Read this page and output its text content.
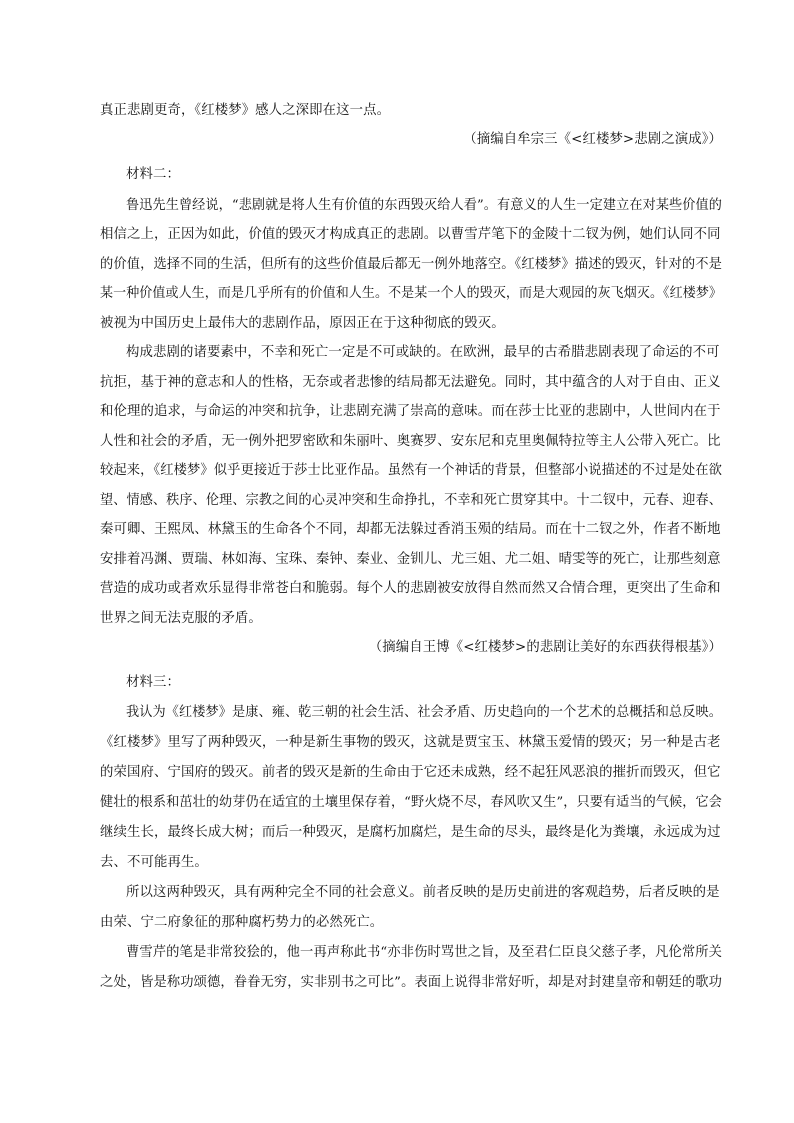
真正悲剧更奇，《红楼梦》感人之深即在这一点。
（摘编自牟宗三《<红楼梦>悲剧之演成》）
材料二：
鲁迅先生曾经说，“悲剧就是将人生有价值的东西毁灭给人看”。有意义的人生一定建立在对某些价值的
相信之上，正因为如此，价值的毁灭才构成真正的悲剧。以曹雪芹笔下的金陵十二钗为例，她们认同不同
的价值，选择不同的生活，但所有的这些价值最后都无一例外地落空。《红楼梦》描述的毁灭，针对的不是
某一种价值或人生，而是几乎所有的价值和人生。不是某一个人的毁灭，而是大观园的灰飞烟灭。《红楼梦》
被视为中国历史上最伟大的悲剧作品，原因正在于这种彻底的毁灭。
构成悲剧的诸要素中，不幸和死亡一定是不可或缺的。在欧洲，最早的古希腊悲剧表现了命运的不可
抗拒，基于神的意志和人的性格，无奈或者悲惨的结局都无法避免。同时，其中蕴含的人对于自由、正义
和伦理的追求，与命运的冲突和抗争，让悲剧充满了崇高的意味。而在莎士比亚的悲剧中，人世间内在于
人性和社会的矛盾，无一例外把罗密欧和朱丽叶、奥赛罗、安东尼和克里奥佩特拉等主人公带入死亡。比
较起来，《红楼梦》似乎更接近于莎士比亚作品。虽然有一个神话的背景，但整部小说描述的不过是处在欲
望、情感、秩序、伦理、宗教之间的心灵冲突和生命挣扎，不幸和死亡贯穿其中。十二钗中，元春、迎春、
秦可卿、王熙凤、林黛玉的生命各个不同，却都无法躲过香消玉殒的结局。而在十二钗之外，作者不断地
安排着冯渊、贾瑞、林如海、宝珠、秦钟、秦业、金钏儿、尤三姐、尤二姐、晴雯等的死亡，让那些刻意
营造的成功或者欢乐显得非常苍白和脆弱。每个人的悲剧被安放得自然而然又合情合理，更突出了生命和
世界之间无法克服的矛盾。
（摘编自王博《<红楼梦>的悲剧让美好的东西获得根基》）
材料三：
我认为《红楼梦》是康、雍、乾三朝的社会生活、社会矛盾、历史趋向的一个艺术的总概括和总反映。
《红楼梦》里写了两种毁灭，一种是新生事物的毁灭，这就是贾宝玉、林黛玉爱情的毁灭；另一种是古老
的荣国府、宁国府的毁灭。前者的毁灭是新的生命由于它还未成熟，经不起狂风恶浪的摧折而毁灭，但它
健壮的根系和茁壮的幼芽仍在适宜的土壤里保存着，“野火烧不尽，春风吹又生”，只要有适当的气候，它会
继续生长，最终长成大树；而后一种毁灭，是腐朽加腐烂，是生命的尽头，最终是化为粪壤，永远成为过
去、不可能再生。
所以这两种毁灭，具有两种完全不同的社会意义。前者反映的是历史前进的客观趋势，后者反映的是
由荣、宁二府象征的那种腐朽势力的必然死亡。
曹雪芹的笔是非常狡狯的，他一再声称此书“亦非伤时骂世之旨，及至君仁臣良父慈子孝，凡伦常所关
之处，皆是称功颂德，眷眷无穷，实非别书之可比”。表面上说得非常好听，却是对封建皇帝和朝廷的歌功
